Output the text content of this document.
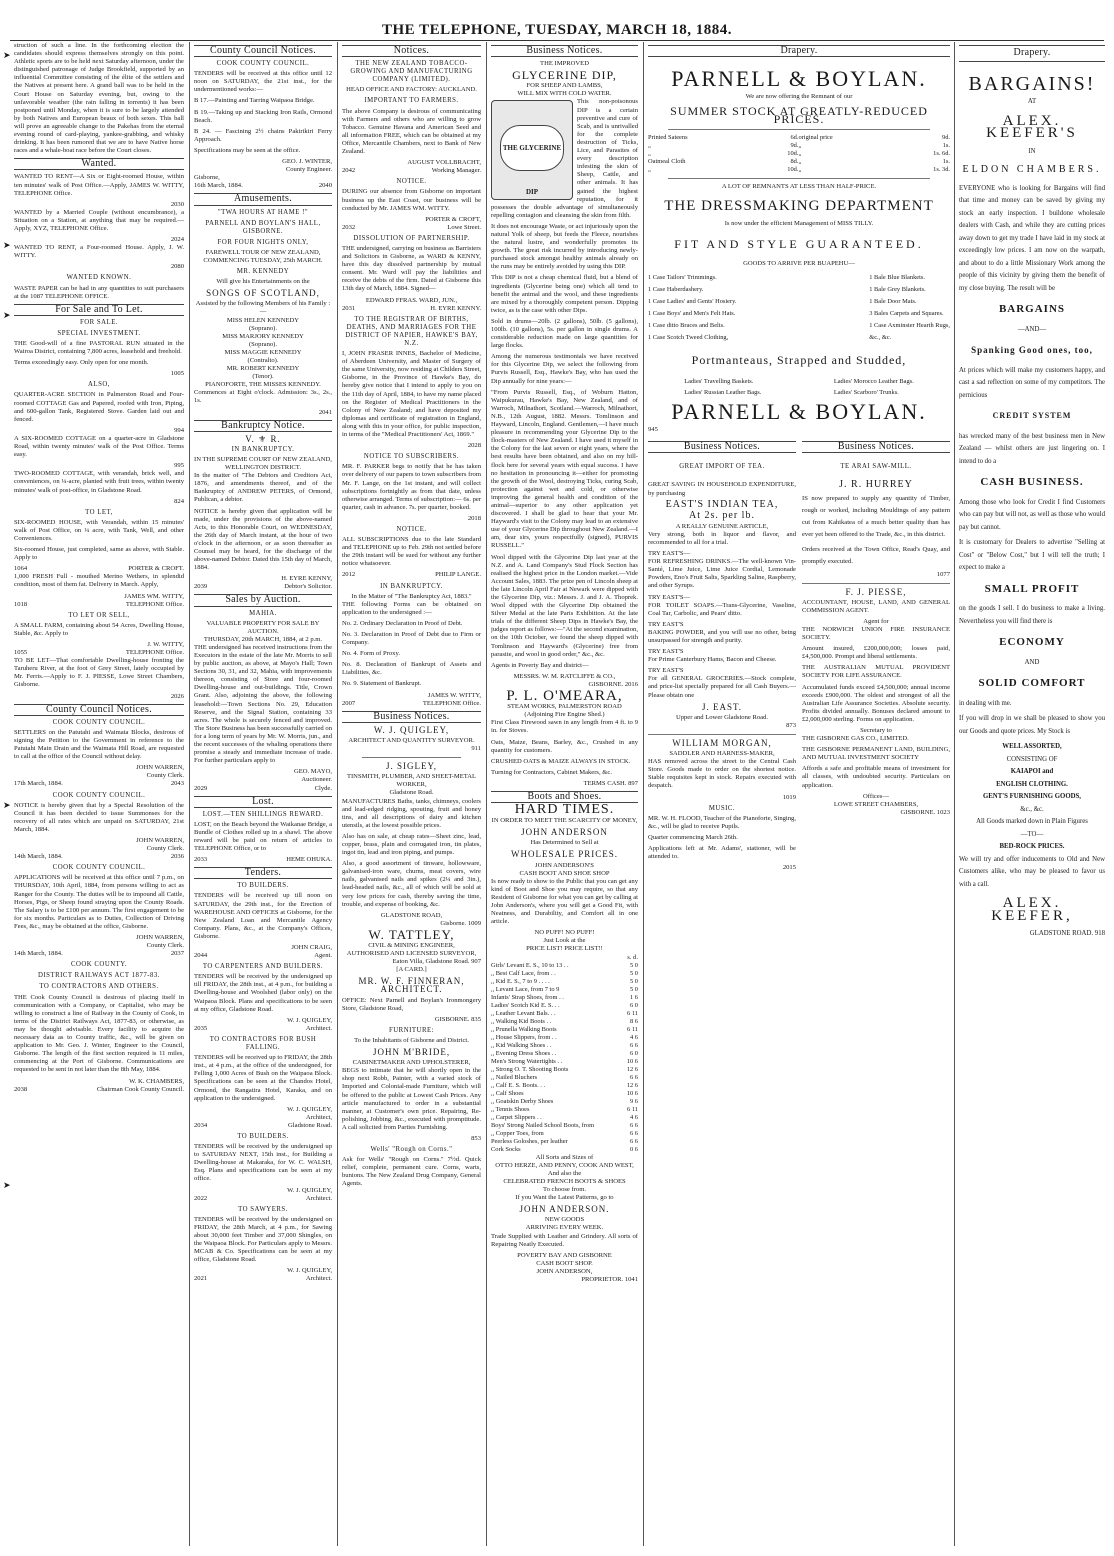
THE TELEPHONE, TUESDAY, MARCH 18, 1884.
➤
➤
➤
➤
➤

struction of such a line. In the forthcoming election the candidates should express themselves strongly on this point. Athletic sports are to be held next Saturday afternoon, under the distinguished patronage of Judge Brookfield, supported by an influential Committee consisting of the élite of the settlers and the Natives at present here. A grand ball was to be held in the Court House on Saturday evening, but, owing to the unfavorable weather (the rain falling in torrents) it has been postponed until Monday, when it is sure to be largely attended by both Natives and European beaux of both sexes. This ball will prove an agreeable change to the Pakehas from the eternal evening round of card-playing, yankee-grabbing, and whisky drinking. It has been rumored that we are to have Native horse races and a whale-boat race before the Court closes.

Wanted.

WANTED TO RENT—A Six or Eight-roomed House, within ten minutes' walk of Post Office.—Apply, JAMES W. WITTY, TELEPHONE Office.

2030

WANTED by a Married Couple (without encumbrance), a Situation on a Station, at anything that may be required.—Apply, XYZ, TELEPHONE Office.

2024

WANTED TO RENT, a Four-roomed House. Apply, J. W. WITTY.

2080
WANTED KNOWN.

WASTE PAPER can be had in any quantities to suit purchasers at the 1087 TELEPHONE OFFICE.

For Sale and To Let.
FOR SALE.
SPECIAL INVESTMENT.

THE Good-will of a fine PASTORAL RUN situated in the Wairoa District, containing 7,800 acres, leasehold and freehold.

Terms exceedingly easy. Only open for one month.

1005
ALSO,

QUARTER-ACRE SECTION in Palmerston Road and Four-roomed COTTAGE Gas and Papered, roofed with Iron, Piping, and 600-gallon Tank, Registered Stove. Garden laid out and fenced.

994

A SIX-ROOMED COTTAGE on a quarter-acre in Gladstone Road, within twenty minutes' walk of the Post Office. Terms easy.

995

TWO-ROOMED COTTAGE, with verandah, brick well, and conveniences, on ¼-acre, planted with fruit trees, within twenty minutes' walk of post-office, in Gladstone Road.

824
TO LET,

SIX-ROOMED HOUSE, with Verandah, within 15 minutes' walk of Post Office, on ¼ acre, with Tank, Well, and other Conveniences.

Six-roomed House, just completed, same as above, with Stable. Apply to

1064	PORTER & CROFT.

1,000 FRESH Full - mouthed Merino Wethers, in splendid condition, most of them fat. Delivery in March. Apply,

JAMES WM. WITTY,
1018	TELEPHONE Office.
TO LET OR SELL,

A SMALL FARM, containing about 54 Acres, Dwelling House, Stable, &c. Apply to

J. W. WITTY,
1055	TELEPHONE Office.

TO BE LET—That comfortable Dwelling-house fronting the Taruheru River, at the foot of Grey Street, lately occupied by Mr. Ferris.—Apply to F. J. PIESSE, Lowe Street Chambers, Gisborne.

2026
County Council Notices.
COOK COUNTY COUNCIL.

SETTLERS on the Patutahi and Waimata Blocks, desirous of signing the Petition to the Government in reference to the Patutahi Main Drain and the Waimata Hill Road, are requested to call at the office of the Council without delay.

JOHN WARREN,
County Clerk.
17th March, 1884.	2043
COOK COUNTY COUNCIL.

NOTICE is hereby given that by a Special Resolution of the Council it has been decided to issue Summonses for the recovery of all rates which are unpaid on SATURDAY, 21st March, 1884.

JOHN WARREN,
County Clerk.
14th March, 1884.	2036
COOK COUNTY COUNCIL.

APPLICATIONS will be received at this office until 7 p.m., on THURSDAY, 10th April, 1884, from persons willing to act as Ranger for the County. The duties will be to impound all Cattle, Horses, Pigs, or Sheep found straying upon the County Roads. The Salary is to be £100 per annum. The first engagement to be for six months. Particulars as to Duties, Collection of Driving Fees, &c., may be obtained at the office, Gisborne.

JOHN WARREN,
County Clerk.
14th March, 1884.	2037
COOK COUNTY.
DISTRICT RAILWAYS ACT 1877-83.
TO CONTRACTORS AND OTHERS.

THE Cook County Council is desirous of placing itself in communication with a Company, or Capitalist, who may be willing to construct a line of Railway in the County of Cook, in terms of the District Railways Act, 1877-83, or otherwise, as may be thought advisable. Every facility to acquire the necessary data as to County traffic, &c., will be given on application to Mr. Geo. J. Winter, Engineer to the Council, Gisborne. The length of the first section required is 11 miles, commencing at the Port of Gisborne. Communications are requested to be sent in not later than the 8th May, 1884.

W. K. CHAMBERS,
2038	Chairman Cook County Council.
County Council Notices.
COOK COUNTY COUNCIL.

TENDERS will be received at this office until 12 noon on SATURDAY, the 21st inst., for the undermentioned works:—

B 17.—Painting and Tarring Waipaoa Bridge.

B 19.—Taking up and Stacking Iron Rails, Ormond Beach.

B 24. — Fascining 2½ chains Pakirikiri Ferry Approach.

Specifications may be seen at the office.

GEO. J. WINTER,
County Engineer.
Gisborne,
16th March, 1884.	2040
Amusements.
"TWA HOURS AT HAME !"
PARNELL AND BOYLAN'S HALL, GISBORNE.
FOR FOUR NIGHTS ONLY,
FAREWELL TOUR OF NEW ZEALAND, COMMENCING TUESDAY, 25th MARCH.
MR. KENNEDY
Will give his Entertainments on the
SONGS OF SCOTLAND,
Assisted by the following Members of his Family :—
MISS HELEN KENNEDY
(Soprano).
MISS MARJORY KENNEDY
(Soprano).
MISS MAGGIE KENNEDY
(Contralto).
MR. ROBERT KENNEDY
(Tenor).
PIANOFORTE, THE MISSES KENNEDY.

Commences at Eight o'clock. Admission: 3s., 2s., 1s.

2041
Bankruptcy Notice.
V. ⚜ R.
IN BANKRUPTCY.
IN THE SUPREME COURT OF NEW ZEALAND, WELLINGTON DISTRICT.

In the matter of "The Debtors and Creditors Act, 1876, and amendments thereof, and of the Bankruptcy of ANDREW PETERS, of Ormond, Publican, a debtor.

NOTICE is hereby given that application will be made, under the provisions of the above-named Acts, to this Honorable Court, on WEDNESDAY, the 26th day of March instant, at the hour of two o'clock in the afternoon, or as soon thereafter as Counsel may be heard, for the discharge of the above-named Debtor. Dated this 15th day of March, 1884.

H. EYRE KENNY,
2039	Debtor's Solicitor.
Sales by Auction.
MAHIA.
VALUABLE PROPERTY FOR SALE BY AUCTION.
THURSDAY, 20th MARCH, 1884, at 2 p.m.

THE undersigned has received instructions from the Executors in the estate of the late Mr. Morris to sell by public auction, as above, at Mayo's Hall; Town Sections 30, 31, and 32, Mahia, with improvements thereon, consisting of Store and four-roomed Dwelling-house and out-buildings. Title, Crown Grant. Also, adjoining the above, the following leasehold:—Town Sections No. 29, Education Reserve, and the Signal Station, containing 33 acres. The whole is securely fenced and improved. The Store Business has been successfully carried on for a long term of years by Mr. W. Morris, jun., and the recent successes of the whaling operations there promise a steady and immediate increase of trade. For further particulars apply to

GEO. MAYO,
Auctioneer.
2029	Clyde.
Lost.
LOST.—TEN SHILLINGS REWARD.

LOST, on the Beach beyond the Waikanae Bridge, a Bundle of Clothes rolled up in a shawl. The above reward will be paid on return of articles to TELEPHONE Office, or to

2033	HEME OHUKA.
Tenders.
TO BUILDERS.

TENDERS will be received up till noon on SATURDAY, the 29th inst., for the Erection of WAREHOUSE AND OFFICES at Gisborne, for the New Zealand Loan and Mercantile Agency Company. Plans, &c., at the Company's Offices, Gisborne.

JOHN CRAIG,
2044	Agent.
TO CARPENTERS AND BUILDERS.

TENDERS will be received by the undersigned up till FRIDAY, the 28th inst., at 4 p.m., for building a Dwelling-house and Woolshed (labor only) on the Waipaoa Block. Plans and specifications to be seen at my office, Gladstone Road.

W. J. QUIGLEY,
2035	Architect.
TO CONTRACTORS FOR BUSH FALLING.

TENDERS will be received up to FRIDAY, the 28th inst., at 4 p.m., at the office of the undersigned, for Felling 1,000 Acres of Bush on the Waipaoa Block. Specifications can be seen at the Chandos Hotel, Ormond, the Rangatira Hotel, Karaka, and on application to the undersigned.

W. J. QUIGLEY,
Architect,
2034	Gladstone Road.
TO BUILDERS.

TENDERS will be received by the undersigned up to SATURDAY NEXT, 15th inst., for Building a Dwelling-house at Makaraka, for W. C. WALSH, Esq. Plans and specifications can be seen at my office.

W. J. QUIGLEY,
2022	Architect.
TO SAWYERS.

TENDERS will be received by the undersigned on FRIDAY, the 28th March, at 4 p.m., for Sawing about 30,000 feet Timber and 37,000 Shingles, on the Waipaoa Block. For Particulars apply to Messrs. MCAB & Co. Specifications can be seen at my office, Gladstone Road.

W. J. QUIGLEY,
2021	Architect.
Notices.
THE NEW ZEALAND TOBACCO-GROWING AND MANUFACTURING COMPANY (LIMITED).
HEAD OFFICE AND FACTORY: AUCKLAND.
IMPORTANT TO FARMERS.

The above Company is desirous of communicating with Farmers and others who are willing to grow Tobacco. Genuine Havana and American Seed and all information FREE, which can be obtained at my Office, Mercantile Chambers, next to Bank of New Zealand.

AUGUST VOLLBRACHT,
2042	Working Manager.
NOTICE.

DURING our absence from Gisborne on important business up the East Coast, our business will be conducted by Mr. JAMES WM. WITTY.

PORTER & CROFT,
2032	Lowe Street.
DISSOLUTION OF PARTNERSHIP.

THE undersigned, carrying on business as Barristers and Solicitors in Gisborne, as WARD & KENNY, have this day dissolved partnership by mutual consent. Mr. Ward will pay the liabilities and receive the debts of the firm. Dated at Gisborne this 13th day of March, 1884. Signed—

EDWARD FFRAS. WARD, JUN.,
2031	H. EYRE KENNY.
TO THE REGISTRAR OF BIRTHS, DEATHS, AND MARRIAGES FOR THE DISTRICT OF NAPIER, HAWKE'S BAY, N.Z.

I, JOHN FRASER INNES, Bachelor of Medicine, of Aberdeen University, and Master of Surgery of the same University, now residing at Childers Street, Gisborne, in the Province of Hawke's Bay, do hereby give notice that I intend to apply to you on the 11th day of April, 1884, to have my name placed on the Register of Medical Practitioners in the Colony of New Zealand; and have deposited my diplomas and certificate of registration in England, along with this in your office, for public inspection, in terms of the "Medical Practitioners' Act, 1869."

2028
NOTICE TO SUBSCRIBERS.

MR. F. PARKER begs to notify that he has taken over delivery of our papers to town subscribers from Mr. F. Lange, on the 1st instant, and will collect subscriptions fortnightly as from that date, unless otherwise arranged. Terms of subscription:— 6s. per quarter, cash in advance. 7s. per quarter, booked.

2018
NOTICE.

ALL SUBSCRIPTIONS due to the late Standard and TELEPHONE up to Feb. 29th not settled before the 29th instant will be sued for without any further notice whatsoever.

2012	PHILIP LANGE.
IN BANKRUPTCY.
In the Matter of "The Bankruptcy Act, 1883."

THE following Forms can be obtained on application to the undersigned :—

No. 2. Ordinary Declaration in Proof of Debt.

No. 3. Declaration in Proof of Debt due to Firm or Company.

No. 4. Form of Proxy.

No. 8. Declaration of Bankrupt of Assets and Liabilities, &c.

No. 9. Statement of Bankrupt.

JAMES W. WITTY,
2007	TELEPHONE Office.
Business Notices.
W. J. QUIGLEY,
ARCHITECT AND QUANTITY SURVEYOR.
911
J. SIGLEY,
TINSMITH, PLUMBER, AND SHEET-METAL WORKER,
Gladstone Road.

MANUFACTURES Baths, tanks, chimneys, coolers and lead-edged ridging, spouting, fruit and honey tins, and all descriptions of dairy and kitchen utensils, at the lowest possible prices.

Also has on sale, at cheap rates—Sheet zinc, lead, copper, brass, plain and corrugated iron, tin plates, ingot tin, lead and iron piping, and pumps.

Also, a good assortment of tinware, hollowware, galvanised-iron ware, churns, meat covers, wire nails, galvanised nails and spikes (2¼ and 3in.), lead-headed nails, &c., all of which will be sold at very low prices for cash, thereby saving the time, trouble, and expense of booking, &c.

GLADSTONE ROAD,
Gisborne. 1009
W. TATTLEY,
CIVIL & MINING ENGINEER,
AUTHORISED AND LICENSED SURVEYOR,
Eaton Villa, Gladstone Road. 907
[A CARD.]
MR. W. F. FINNERAN, ARCHITECT.

OFFICE: Next Parnell and Boylan's Ironmongery Store, Gladstone Road,

GISBORNE. 835
FURNITURE:
To the Inhabitants of Gisborne and District.
JOHN M'BRIDE,
CABINETMAKER AND UPHOLSTERER,

BEGS to intimate that he will shortly open in the shop next Robb, Painter, with a varied stock of Imported and Colonial-made Furniture, which will be offered to the public at Lowest Cash Prices. Any article manufactured to order in a substantial manner, at Customer's own price. Repairing, Re-polishing, Jobbing, &c., executed with promptitude. A call solicited from Parties Furnishing.

853
Wells' "Rough on Corns."

Ask for Wells' "Rough on Corns." 7½d. Quick relief, complete, permanent cure. Corns, warts, bunions. The New Zealand Drug Company, General Agents.

Business Notices.
THE IMPROVED
GLYCERINE DIP,
FOR SHEEP AND LAMBS,
WILL MIX WITH COLD WATER.
THE GLYCERINE DIP

This non-poisonous DIP is a certain preventive and cure of Scab, and is unrivalled for the complete destruction of Ticks, Lice, and Parasites of every description infesting the skin of Sheep, Cattle, and other animals. It has gained the highest reputation, for it possesses the double advantage of simultaneously repelling contagion and cleansing the skin from filth.

It does not encourage Waste, or act injuriously upon the natural Yolk of sheep, but feeds the Fleece, nourishes the natural lustre, and wonderfully promotes its growth. The great risk incurred by introducing newly-purchased stock amongst healthy animals already on the runs may be entirely avoided by using this DIP.

This DIP is not a cheap chemical fluid, but a blend of ingredients (Glycerine being one) which all tend to benefit the animal and the wool, and these ingredients are mixed by a thoroughly competent person. Dipping twice, as is the case with other Dips.

Sold in drums—20lb. (2 gallons), 50lb. (5 gallons), 100lb. (10 gallons), 5s. per gallon in single drums. A considerable reduction made on large quantities for large flocks.

Among the numerous testimonials we have received for this Glycerine Dip, we select the following from Purvis Russell, Esq., Hawke's Bay, who has used the Dip annually for nine years:—

"From Purvis Russell, Esq., of Woburn Hatton, Waipukurau, Hawke's Bay, New Zealand, and of Warroch, Milnathort, Scotland.—Warroch, Milnathort, N.B., 12th August, 1882. Messrs. Tomlinson and Hayward, Lincoln, England. Gentlemen,—I have much pleasure in recommending your Glycerine Dip to the flock-masters of New Zealand. I have used it myself in the Colony for the last seven or eight years, where the best results have been obtained, and also on my hill-flock here for several years with equal success. I have no hesitation in pronouncing it—either for promoting the growth of the Wool, destroying Ticks, curing Scab, protection against wet and cold, or otherwise improving the general health and condition of the animal—superior to any other application yet discovered. I shall be glad to hear that your Mr. Hayward's visit to the Colony may lead to an extensive use of your Glycerine Dip throughout New Zealand.—I am, dear sirs, yours respectfully (signed), PURVIS RUSSELL."

Wool dipped with the Glycerine Dip last year at the N.Z. and A. Land Company's Stud Flock Section has realised the highest price in the London market.—Vide Account Sales, 1883. The prize pen of Lincoln sheep at the late Lincoln April Fair at Newark were dipped with the Glycerine Dip, viz.: Messrs. J. and J. A. Thoprek. Wool dipped with the Glycerine Dip obtained the Silver Medal at the late Paris Exhibition. At the late trials of the different Sheep Dips in Hawke's Bay, the judges report as follows:—"At the second examination, on the 10th October, we found the sheep dipped with Tomlinson and Hayward's (Glycerine) free from parasite, and wool in good order," &c., &c.

Agents in Poverty Bay and district—

MESSRS. W. M. RATCLIFFE & CO.,
GISBORNE. 2016
P. L. O'MEARA,
STEAM WORKS, PALMERSTON ROAD
(Adjoining Fire Engine Shed.)

First Class Firewood sawn in any length from 4 ft. to 9 in. for Stoves.

Oats, Maize, Beans, Barley, &c., Crushed in any quantity for customers.

CRUSHED OATS & MAIZE ALWAYS IN STOCK.

Turning for Contractors, Cabinet Makers, &c.

TERMS CASH. 897
Boots and Shoes.
HARD TIMES.
IN ORDER TO MEET THE SCARCITY OF MONEY,
JOHN ANDERSON
Has Determined to Sell at
WHOLESALE PRICES.
JOHN ANDERSON'S
CASH BOOT AND SHOE SHOP

Is now ready to show to the Public that you can get any kind of Boot and Shoe you may require, so that any Resident of Gisborne for what you can get by calling at John Anderson's, where you will get a Good Fit, with Neatness, and Durability, and Comfort all in one article.

NO PUFF! NO PUFF!
Just Look at the
PRICE LIST! PRICE LIST!!
s. d.
Girls' Levant E. S., 10 to 13 . .	5 0
,, Best Calf Lace, from . .	5 0
,, Kid E. S., 7 to 9 . . . .	5 0
,, Levant Lace, from 7 to 9	5 0
Infants' Strap Shoes, from . .	1 6
Ladies' Scotch Kid E. S. . .	6 0
,, Leather Levant Bals. . .	6 11
,, Walking Kid Boots . .	8 6
,, Prunella Walking Boots	6 11
,, House Slippers, from . .	4 6
,, Kid Walking Shoes . .	6 6
,, Evening Dress Shoes . .	6 0
Men's Strong Watertights . .	10 6
,, Strong O. T. Shooting Boots	12 6
,, Nailed Bluchers	6 6
,, Calf E. S. Boots. . .	12 6
,, Calf Shoes	10 6
,, Goatskin Derby Shoes	9 6
,, Tennis Shoes	6 11
,, Carpet Slippers . .	4 6
Boys' Strong Nailed School Boots, from	6 6
,, Copper Toes, from	6 6
Peerless Goloshes, per leather	6 6
Cork Socks	0 6
All Sorts and Sizes of
OTTO HERZE, AND PENNY, COOK AND WEST, And also the
CELEBRATED FRENCH BOOTS & SHOES
To choose from.
If you Want the Latest Patterns, go to
JOHN ANDERSON.
NEW GOODS
ARRIVING EVERY WEEK.

Trade Supplied with Leather and Grindery. All sorts of Repairing Neatly Executed.

POVERTY BAY AND GISBORNE
CASH BOOT SHOP.
JOHN ANDERSON,
PROPRIETOR. 1041
Drapery.
PARNELL & BOYLAN.
We are now offering the Remnant of our
SUMMER STOCK AT GREATLY-REDUCED PRICES.
Printed Sateens	6d.	original price	9d.
„	9d.	„	1s.
„	10d.	„	1s. 6d.
Oatmeal Cloth	8d.	„	1s.
„	10d.	„	1s. 3d.
A LOT OF REMNANTS AT LESS THAN HALF-PRICE.
THE DRESSMAKING DEPARTMENT
Is now under the efficient Management of MISS TILLY.
FIT AND STYLE GUARANTEED.
GOODS TO ARRIVE PER BUAPEHU—
1 Case Tailors' Trimmings.
1 Case Haberdashery.
1 Case Ladies' and Gents' Hosiery.
1 Case Boys' and Men's Felt Hats.
1 Case ditto Braces and Belts.
1 Case Scotch Tweed Clothing,
1 Bale Blue Blankets.
1 Bale Grey Blankets.
1 Bale Door Mats.
3 Bales Carpets and Squares.
1 Case Axminster Hearth Rugs,
&c., &c.
Portmanteaus, Strapped and Studded,
Ladies' Travelling Baskets.
Ladies' Russian Leather Bags.
Ladies' Morocco Leather Bags.
Ladies' Scarboro' Trunks.
PARNELL & BOYLAN.
945
Business Notices.
GREAT IMPORT OF TEA.

GREAT SAVING IN HOUSEHOLD EXPENDITURE, by purchasing

EAST'S INDIAN TEA,
At 2s. per lb.
A REALLY GENUINE ARTICLE,

Very strong, both in liquor and flavor, and recommended to all for a trial.

TRY EAST'S—

FOR REFRESHING DRINKS.—The well-known Vin-Santé, Lime Juice, Lime Juice Cordial, Lemonade Powders, Eno's Fruit Salts, Sparkling Saline, Raspberry, and other Syrups.

TRY EAST'S—

FOR TOILET SOAPS.—Trans-Glycerine, Vaseline, Coal Tar, Carbolic, and Pears' ditto.

TRY EAST'S

BAKING POWDER, and you will use no other, being unsurpassed for strength and purity.

TRY EAST'S

For Prime Canterbury Hams, Bacon and Cheese.

TRY EAST'S

For all GENERAL GROCERIES.—Stock complete, and price-list specially prepared for all Cash Buyers.—Please obtain one

J. EAST.
Upper and Lower Gladstone Road.
873
WILLIAM MORGAN,
SADDLER AND HARNESS-MAKER,

HAS removed across the street to the Central Cash Store. Goods made to order on the shortest notice. Stable requisites kept in stock. Repairs executed with despatch.

1019
MUSIC.

MR. W. H. FLOOD, Teacher of the Pianoforte, Singing, &c., will be glad to receive Pupils.

Quarter commencing March 26th.

Applications left at Mr. Adams', stationer, will be attended to.

2015
Business Notices.
TE ARAI SAW-MILL.
J. R. HURREY

IS now prepared to supply any quantity of Timber, rough or worked, including Mouldings of any pattern cut from Kahikatea of a much better quality than has ever yet been offered to the Trade, &c., in this district.

Orders received at the Town Office, Read's Quay, and promptly executed.

1077
F. J. PIESSE,

ACCOUNTANT, HOUSE, LAND, AND GENERAL COMMISSION AGENT.

Agent for

THE NORWICH UNION FIRE INSURANCE SOCIETY.

Amount insured, £200,000,000; losses paid, £4,500,000. Prompt and liberal settlements.

THE AUSTRALIAN MUTUAL PROVIDENT SOCIETY FOR LIFE ASSURANCE.

Accumulated funds exceed £4,500,000; annual income exceeds £900,000. The oldest and strongest of all the Australian Life Assurance Societies. Absolute security. Profits divided annually. Bonuses declared amount to £2,000,000 sterling. Forms on application.

Secretary to

THE GISBORNE GAS CO., LIMITED.

THE GISBORNE PERMANENT LAND, BUILDING, AND MUTUAL INVESTMENT SOCIETY

Affords a safe and profitable means of investment for all classes, with undoubted security. Particulars on application.

Offices—
LOWE STREET CHAMBERS,
GISBORNE. 1023
Drapery.
BARGAINS!
AT
ALEX. KEEFER'S
IN
ELDON CHAMBERS.

EVERYONE who is looking for Bargains will find that time and money can be saved by giving my stock an early inspection. I buildone wholesale dealers with Cash, and while they are cutting prices away down to get my trade I have laid in my stock at exceedingly low prices. I am now on the warpath, and about to do a little Missionary Work among the people of this vicinity by giving them the benefit of my close buying. The result will be

BARGAINS
—AND—
Spanking Good ones, too,

At prices which will make my customers happy, and cast a sad reflection on some of my competitors. The pernicious

CREDIT SYSTEM

has wrecked many of the best business men in New Zealand — whilst others are just lingering on. I intend to do a

CASH BUSINESS.

Among those who look for Credit I find Customers who can pay but will not, as well as those who would pay but cannot.

It is customary for Dealers to advertise "Selling at Cost" or "Below Cost," but I will tell the truth; I expect to make a

SMALL PROFIT

on the goods I sell. I do business to make a living. Nevertheless you will find there is

ECONOMY
AND
SOLID COMFORT

in dealing with me.

If you will drop in we shall be pleased to show you our Goods and quote prices. My Stock is

WELL ASSORTED,
CONSISTING OF
KAIAPOI and
ENGLISH CLOTHING.
GENT'S FURNISHING GOODS,
&c., &c.
All Goods marked down in Plain Figures
—TO—
BED-ROCK PRICES.

We will try and offer inducements to Old and New Customers alike, who may be pleased to favor us with a call.

ALEX. KEEFER,
GLADSTONE ROAD. 918
